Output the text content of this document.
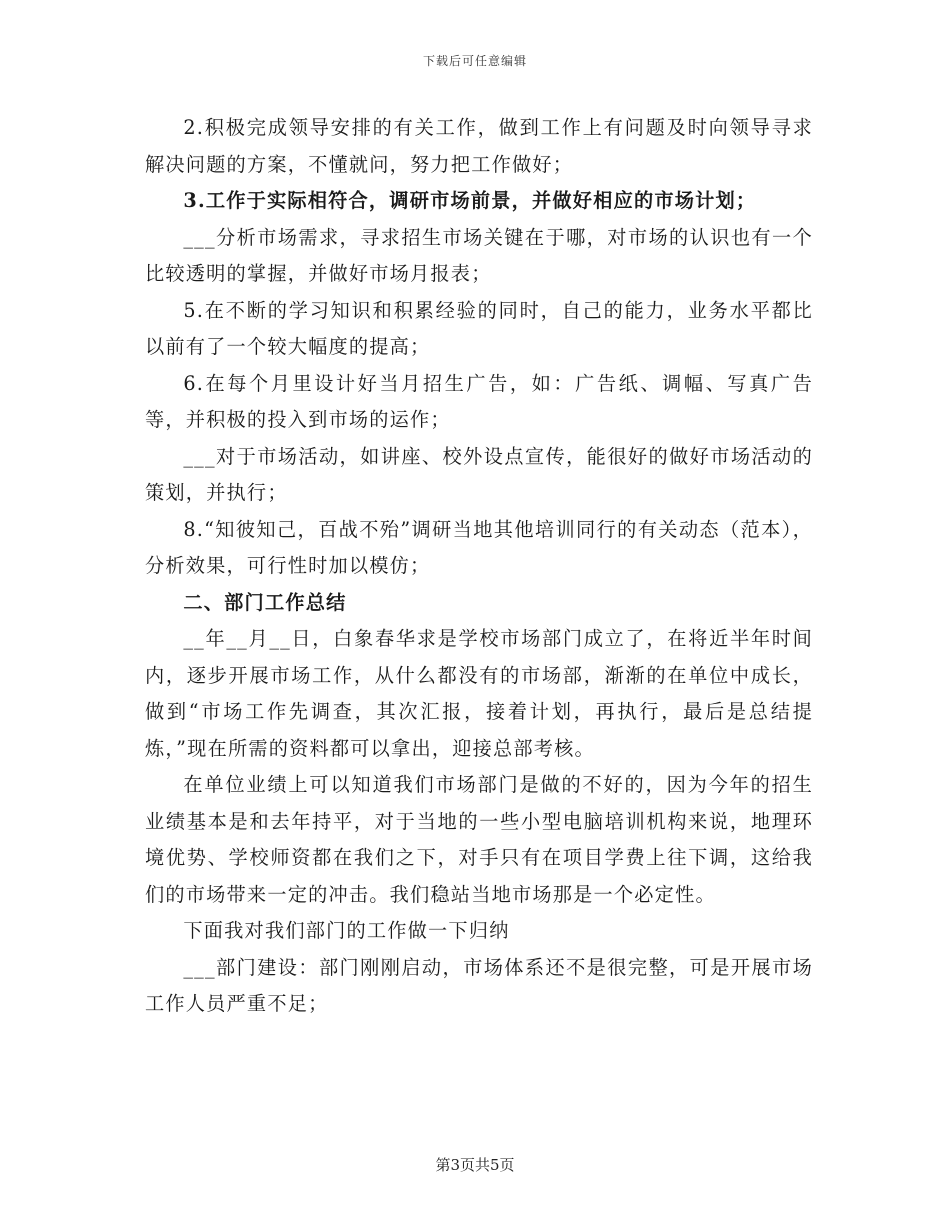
下载后可任意编辑

2.积极完成领导安排的有关工作，做到工作上有问题及时向领导寻求解决问题的方案，不懂就问，努力把工作做好；

3.工作于实际相符合，调研市场前景，并做好相应的市场计划；

___分析市场需求，寻求招生市场关键在于哪，对市场的认识也有一个比较透明的掌握，并做好市场月报表；

5.在不断的学习知识和积累经验的同时，自己的能力，业务水平都比以前有了一个较大幅度的提高；

6.在每个月里设计好当月招生广告，如：广告纸、调幅、写真广告等，并积极的投入到市场的运作；

___对于市场活动，如讲座、校外设点宣传，能很好的做好市场活动的策划，并执行；

8.“知彼知己，百战不殆”调研当地其他培训同行的有关动态（范本），分析效果，可行性时加以模仿；

二、部门工作总结

__年__月__日，白象春华求是学校市场部门成立了，在将近半年时间内，逐步开展市场工作，从什么都没有的市场部，渐渐的在单位中成长，做到“市场工作先调查，其次汇报，接着计划，再执行，最后是总结提炼，”现在所需的资料都可以拿出，迎接总部考核。

在单位业绩上可以知道我们市场部门是做的不好的，因为今年的招生业绩基本是和去年持平，对于当地的一些小型电脑培训机构来说，地理环境优势、学校师资都在我们之下，对手只有在项目学费上往下调，这给我们的市场带来一定的冲击。我们稳站当地市场那是一个必定性。

下面我对我们部门的工作做一下归纳

___部门建设：部门刚刚启动，市场体系还不是很完整，可是开展市场工作人员严重不足；

第3页共5页
